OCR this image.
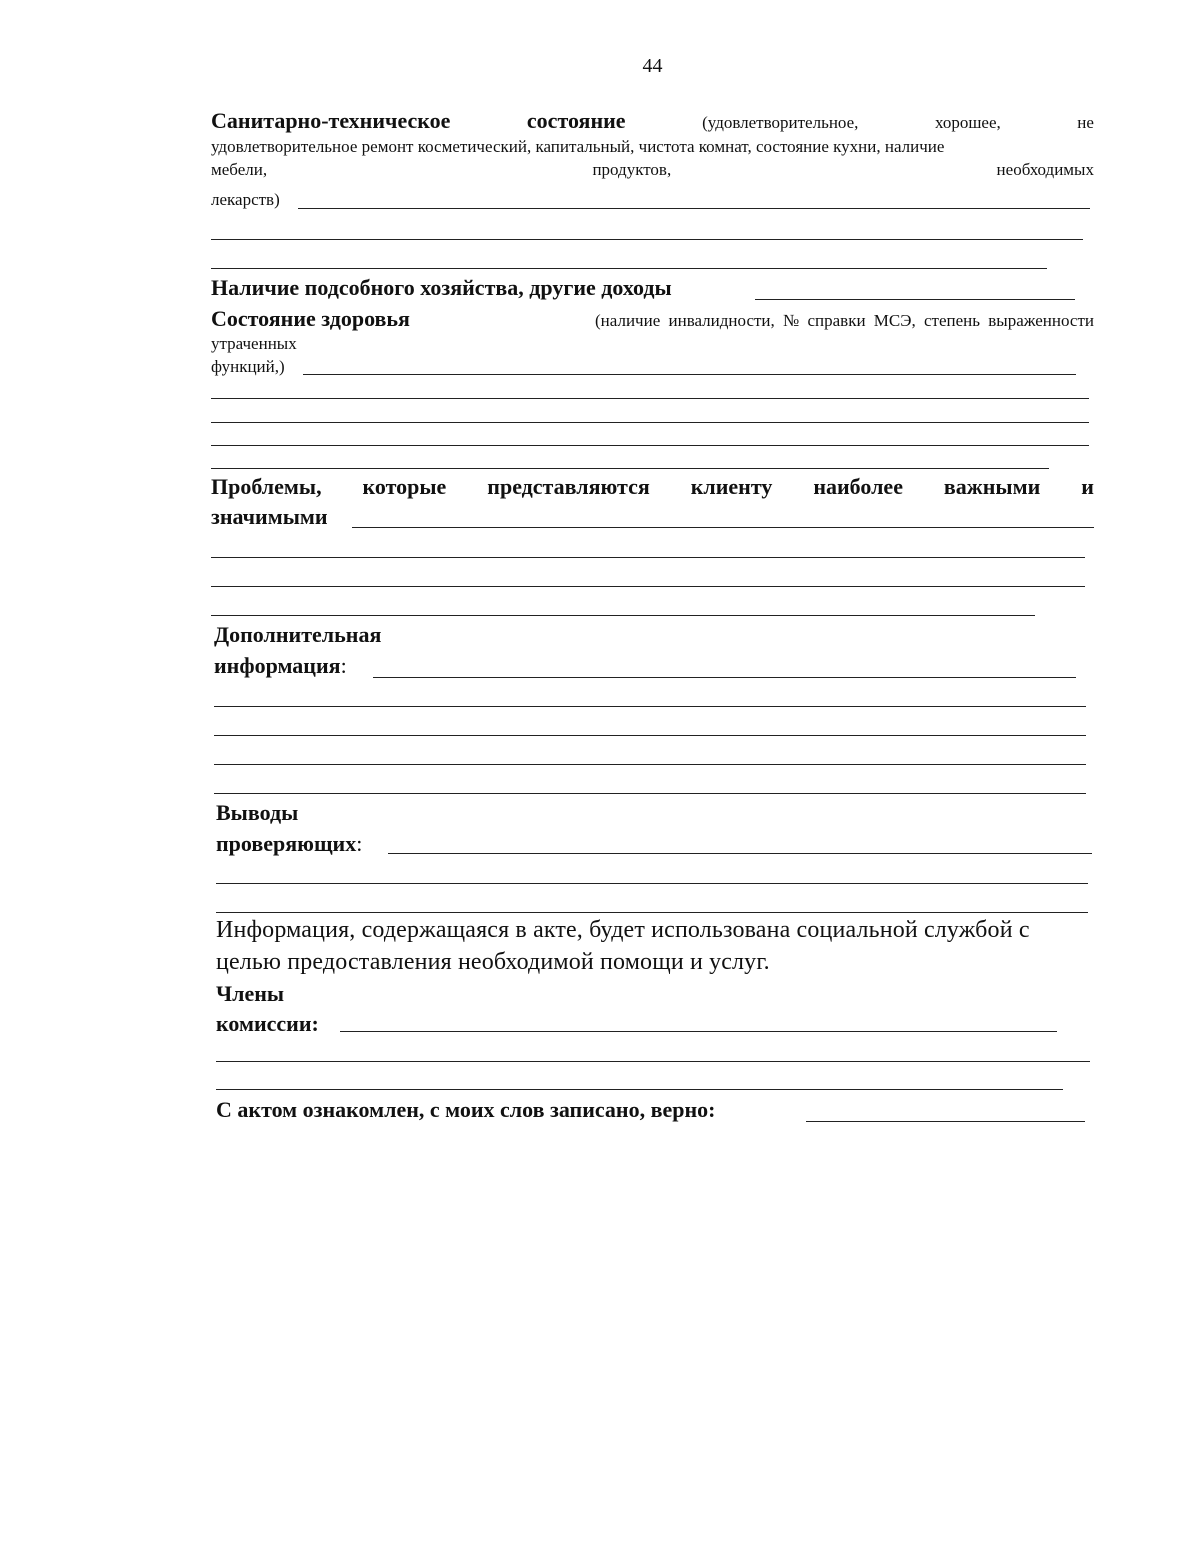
44
Санитарно-техническое	состояние	(удовлетворительное,	хорошее,	не
удовлетворительное ремонт косметический, капитальный, чистота комнат, состояние кухни, наличие
мебели,	продуктов,	необходимых
лекарств)
Наличие подсобного хозяйства, другие доходы
Состояние здоровья	(наличие инвалидности, № справки МСЭ, степень выраженности
утраченных
функций,)
Проблемы, которые представляются клиенту наиболее важными и
значимыми
Дополнительная
информация:
Выводы
проверяющих:
Информация, содержащаяся в акте, будет использована социальной службой с
целью предоставления необходимой помощи и услуг.
Члены
комиссии:
С актом ознакомлен, с моих слов записано, верно:
